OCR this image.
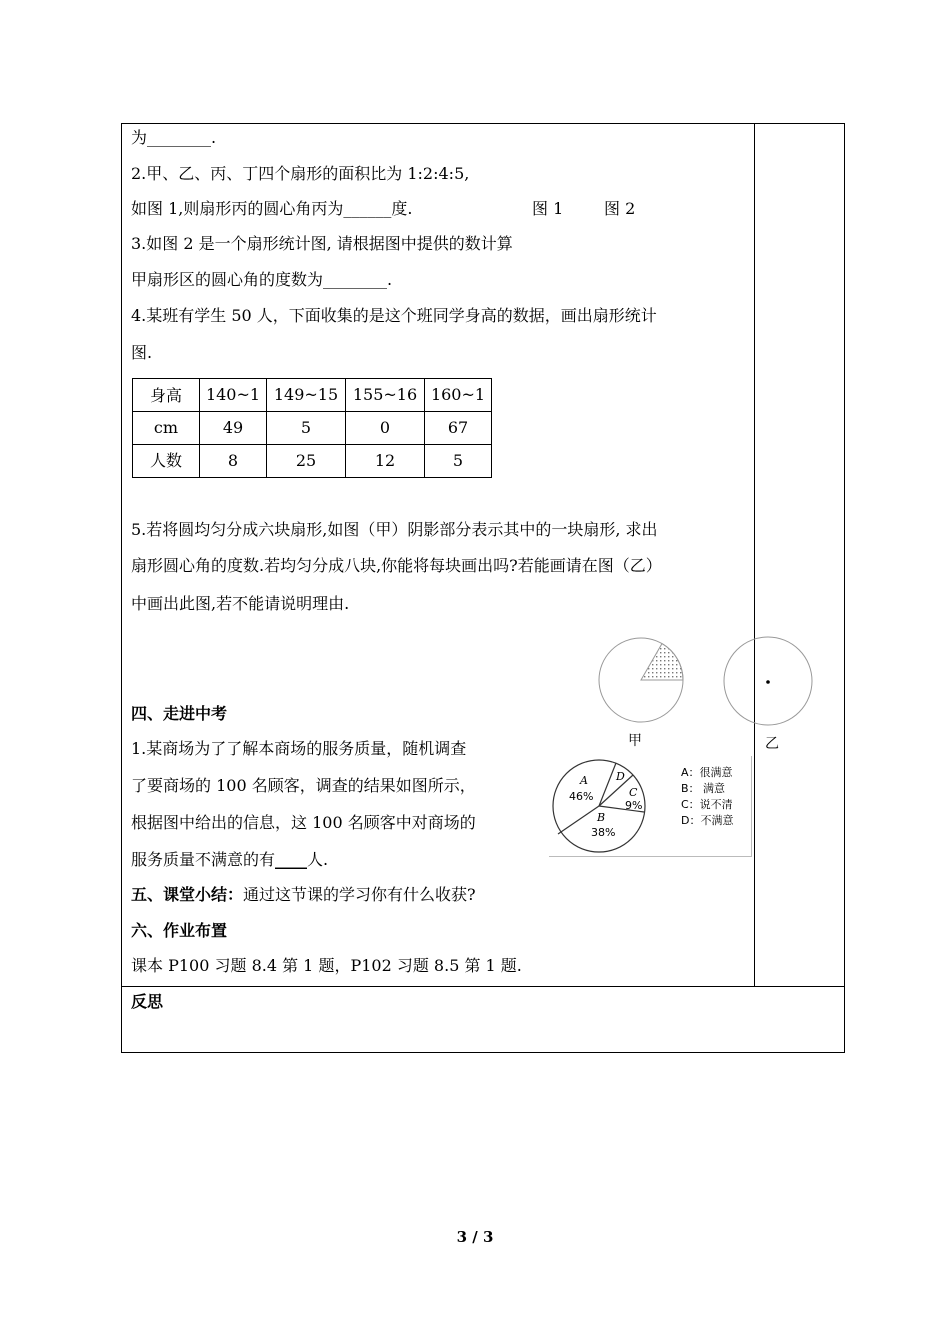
为________.
2.甲、乙、丙、丁四个扇形的面积比为 1:2:4:5,
如图 1,则扇形丙的圆心角丙为______度.	图 1	图 2
3.如图 2 是一个扇形统计图, 请根据图中提供的数计算
甲扇形区的圆心角的度数为________.
4.某班有学生 50 人，下面收集的是这个班同学身高的数据，画出扇形统计
图.
身高	140~1	149~15	155~16	160~1
cm	49	5	0	67
人数	8	25	12	5
5.若将圆均匀分成六块扇形,如图（甲）阴影部分表示其中的一块扇形, 求出
扇形圆心角的度数.若均匀分成八块,你能将每块画出吗?若能画请在图（乙）
中画出此图,若不能请说明理由.
甲	乙
四、走进中考
1.某商场为了了解本商场的服务质量，随机调查
了要商场的 100 名顾客，调查的结果如图所示，
根据图中给出的信息，这 100 名顾客中对商场的
服务质量不满意的有____人.
A
46%
D
C
9%
B
38%
A：很满意
B： 满意
C：说不清
D：不满意
五、课堂小结：通过这节课的学习你有什么收获?
六、作业布置
课本 P100 习题 8.4 第 1 题，P102 习题 8.5 第 1 题.
反思
3 / 3
